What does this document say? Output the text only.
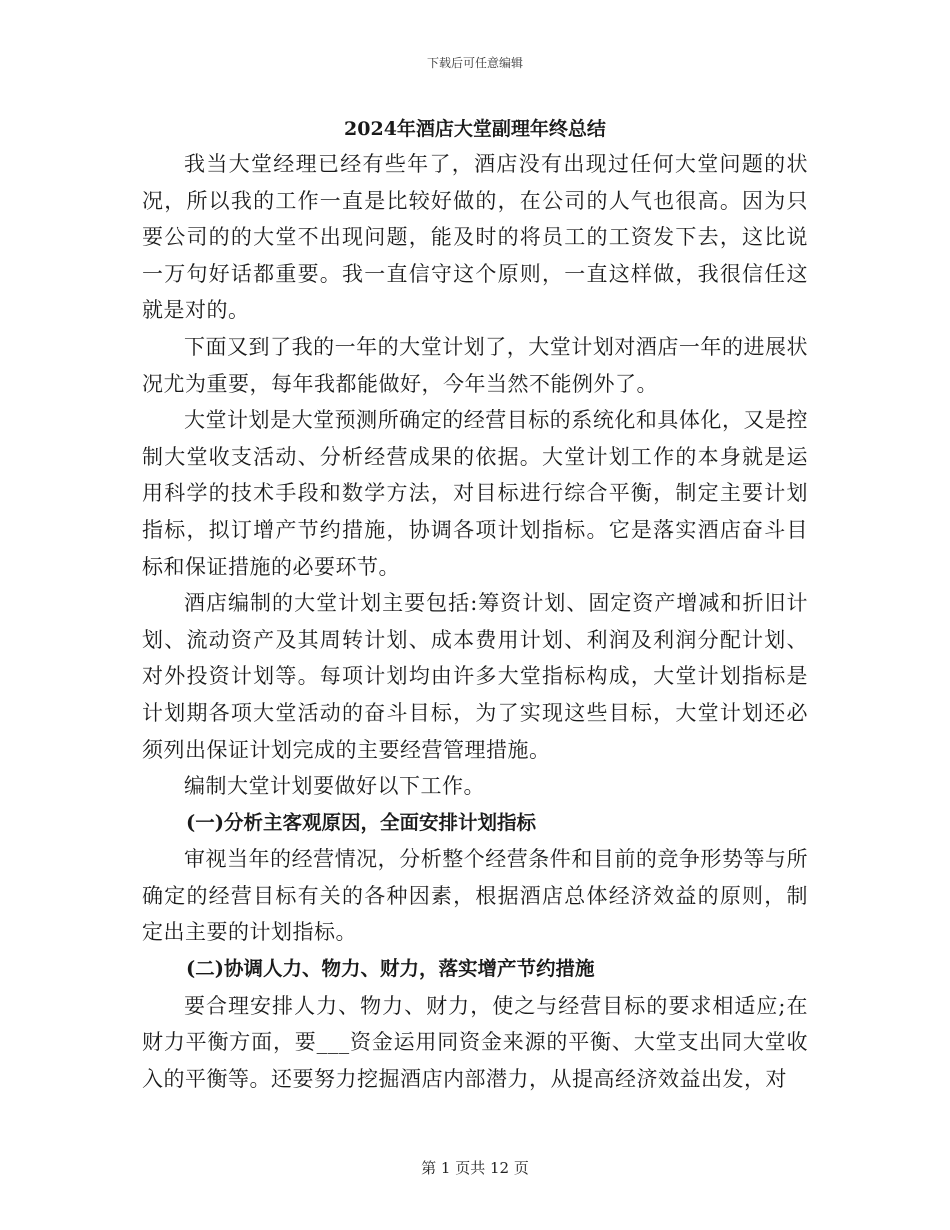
下载后可任意编辑
2024年酒店大堂副理年终总结

我当大堂经理已经有些年了，酒店没有出现过任何大堂问题的状况，所以我的工作一直是比较好做的，在公司的人气也很高。因为只要公司的的大堂不出现问题，能及时的将员工的工资发下去，这比说一万句好话都重要。我一直信守这个原则，一直这样做，我很信任这就是对的。

下面又到了我的一年的大堂计划了，大堂计划对酒店一年的进展状况尤为重要，每年我都能做好，今年当然不能例外了。

大堂计划是大堂预测所确定的经营目标的系统化和具体化，又是控制大堂收支活动、分析经营成果的依据。大堂计划工作的本身就是运用科学的技术手段和数学方法，对目标进行综合平衡，制定主要计划指标，拟订增产节约措施，协调各项计划指标。它是落实酒店奋斗目标和保证措施的必要环节。

酒店编制的大堂计划主要包括:筹资计划、固定资产增减和折旧计划、流动资产及其周转计划、成本费用计划、利润及利润分配计划、对外投资计划等。每项计划均由许多大堂指标构成，大堂计划指标是计划期各项大堂活动的奋斗目标，为了实现这些目标，大堂计划还必须列出保证计划完成的主要经营管理措施。

编制大堂计划要做好以下工作。

(一)分析主客观原因，全面安排计划指标

审视当年的经营情况，分析整个经营条件和目前的竞争形势等与所确定的经营目标有关的各种因素，根据酒店总体经济效益的原则，制定出主要的计划指标。

(二)协调人力、物力、财力，落实增产节约措施

要合理安排人力、物力、财力，使之与经营目标的要求相适应;在财力平衡方面，要___资金运用同资金来源的平衡、大堂支出同大堂收入的平衡等。还要努力挖掘酒店内部潜力，从提高经济效益出发，对

第 1 页共 12 页
